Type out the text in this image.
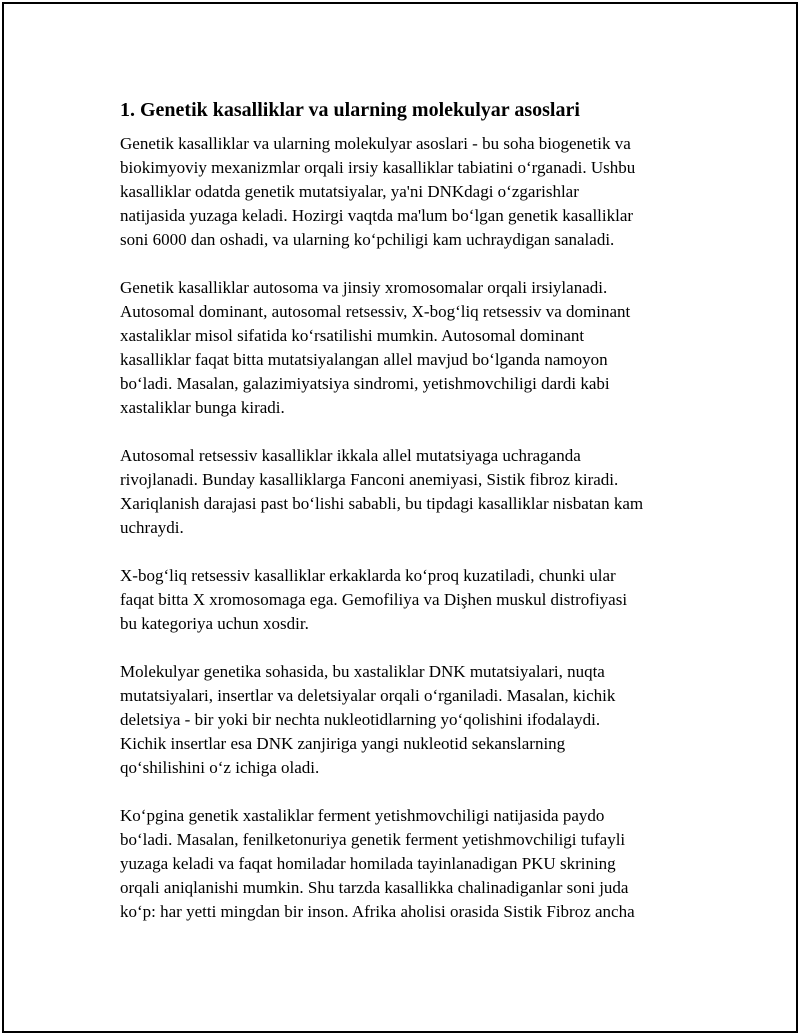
1. Genetik kasalliklar va ularning molekulyar asoslari

Genetik kasalliklar va ularning molekulyar asoslari - bu soha biogenetik va
biokimyoviy mexanizmlar orqali irsiy kasalliklar tabiatini o‘rganadi. Ushbu
kasalliklar odatda genetik mutatsiyalar, ya'ni DNKdagi o‘zgarishlar
natijasida yuzaga keladi. Hozirgi vaqtda ma'lum bo‘lgan genetik kasalliklar
soni 6000 dan oshadi, va ularning ko‘pchiligi kam uchraydigan sanaladi.

Genetik kasalliklar autosoma va jinsiy xromosomalar orqali irsiylanadi.
Autosomal dominant, autosomal retsessiv, X-bog‘liq retsessiv va dominant
xastaliklar misol sifatida ko‘rsatilishi mumkin. Autosomal dominant
kasalliklar faqat bitta mutatsiyalangan allel mavjud bo‘lganda namoyon
bo‘ladi. Masalan, galazimiyatsiya sindromi, yetishmovchiligi dardi kabi
xastaliklar bunga kiradi.

Autosomal retsessiv kasalliklar ikkala allel mutatsiyaga uchraganda
rivojlanadi. Bunday kasalliklarga Fanconi anemiyasi, Sistik fibroz kiradi.
Xariqlanish darajasi past bo‘lishi sababli, bu tipdagi kasalliklar nisbatan kam
uchraydi.

X-bog‘liq retsessiv kasalliklar erkaklarda ko‘proq kuzatiladi, chunki ular
faqat bitta X xromosomaga ega. Gemofiliya va Dişhen muskul distrofiyasi
bu kategoriya uchun xosdir.

Molekulyar genetika sohasida, bu xastaliklar DNK mutatsiyalari, nuqta
mutatsiyalari, insertlar va deletsiyalar orqali o‘rganiladi. Masalan, kichik
deletsiya - bir yoki bir nechta nukleotidlarning yo‘qolishini ifodalaydi.
Kichik insertlar esa DNK zanjiriga yangi nukleotid sekanslarning
qo‘shilishini o‘z ichiga oladi.

Ko‘pgina genetik xastaliklar ferment yetishmovchiligi natijasida paydo
bo‘ladi. Masalan, fenilketonuriya genetik ferment yetishmovchiligi tufayli
yuzaga keladi va faqat homiladar homilada tayinlanadigan PKU skrining
orqali aniqlanishi mumkin. Shu tarzda kasallikka chalinadiganlar soni juda
ko‘p: har yetti mingdan bir inson. Afrika aholisi orasida Sistik Fibroz ancha
